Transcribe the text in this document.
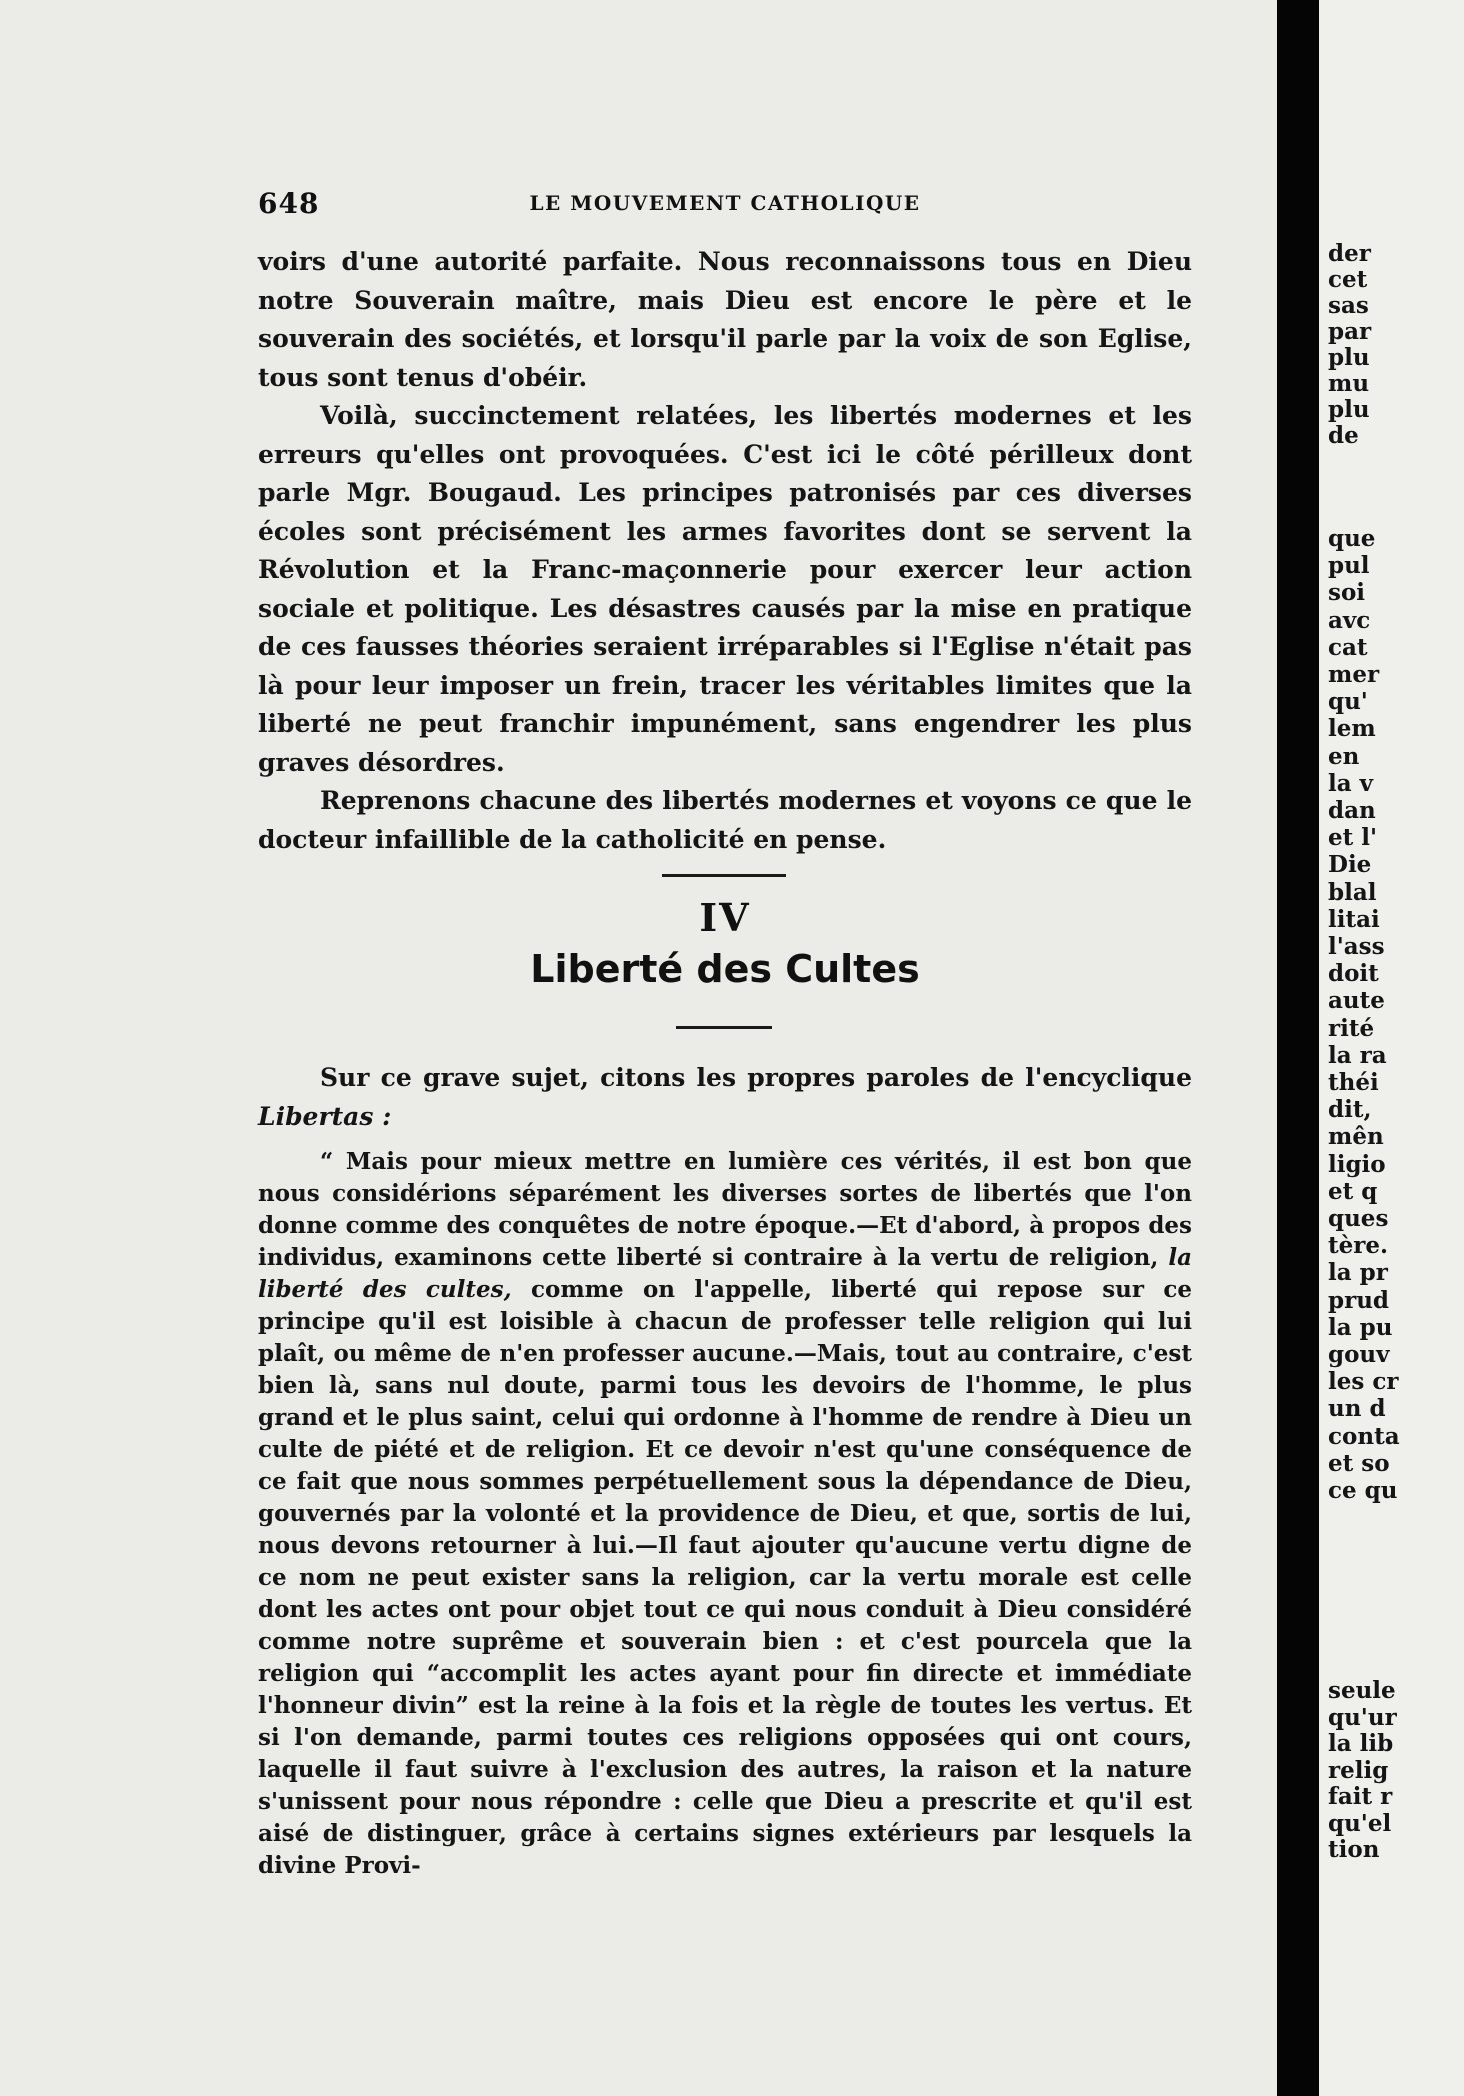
648	LE MOUVEMENT CATHOLIQUE

voirs d'une autorité parfaite. Nous reconnaissons tous en Dieu notre Souverain maître, mais Dieu est encore le père et le souverain des sociétés, et lorsqu'il parle par la voix de son Eglise, tous sont tenus d'obéir.

Voilà, succinctement relatées, les libertés modernes et les erreurs qu'elles ont provoquées. C'est ici le côté périlleux dont parle Mgr. Bougaud. Les principes patronisés par ces diverses écoles sont précisément les armes favorites dont se servent la Révolution et la Franc-maçonnerie pour exercer leur action sociale et politique. Les désastres causés par la mise en pratique de ces fausses théories seraient irréparables si l'Eglise n'était pas là pour leur imposer un frein, tracer les véritables limites que la liberté ne peut franchir impunément, sans engendrer les plus graves désordres.

Reprenons chacune des libertés modernes et voyons ce que le docteur infaillible de la catholicité en pense.

IV
Liberté des Cultes

Sur ce grave sujet, citons les propres paroles de l'encyclique Libertas :

“ Mais pour mieux mettre en lumière ces vérités, il est bon que nous considérions séparément les diverses sortes de libertés que l'on donne comme des conquêtes de notre époque.—Et d'abord, à propos des individus, examinons cette liberté si contraire à la vertu de religion, la liberté des cultes, comme on l'appelle, liberté qui repose sur ce principe qu'il est loisible à chacun de professer telle religion qui lui plaît, ou même de n'en professer aucune.—Mais, tout au contraire, c'est bien là, sans nul doute, parmi tous les devoirs de l'homme, le plus grand et le plus saint, celui qui ordonne à l'homme de rendre à Dieu un culte de piété et de religion. Et ce devoir n'est qu'une conséquence de ce fait que nous sommes perpétuellement sous la dépendance de Dieu, gouvernés par la volonté et la providence de Dieu, et que, sortis de lui, nous devons retourner à lui.—Il faut ajouter qu'aucune vertu digne de ce nom ne peut exister sans la religion, car la vertu morale est celle dont les actes ont pour objet tout ce qui nous conduit à Dieu considéré comme notre suprême et souverain bien : et c'est pourcela que la religion qui “accomplit les actes ayant pour fin directe et immédiate l'honneur divin” est la reine à la fois et la règle de toutes les vertus. Et si l'on demande, parmi toutes ces religions opposées qui ont cours, laquelle il faut suivre à l'exclusion des autres, la raison et la nature s'unissent pour nous répondre : celle que Dieu a prescrite et qu'il est aisé de distinguer, grâce à certains signes extérieurs par lesquels la divine Provi-

der
cet
sas
par
plu
mu
plu
de
que
pul
soi
avc
cat
mer
qu'
lem
en
la v
dan
et l'
Die
blal
litai
l'ass
doit
aute
rité
la ra
théi
dit,
mên
ligio
et q
ques
tère.
la pr
prud
la pu
gouv
les cr
un d
conta
et so
ce qu
seule
qu'ur
la lib
relig
fait r
qu'el
tion
